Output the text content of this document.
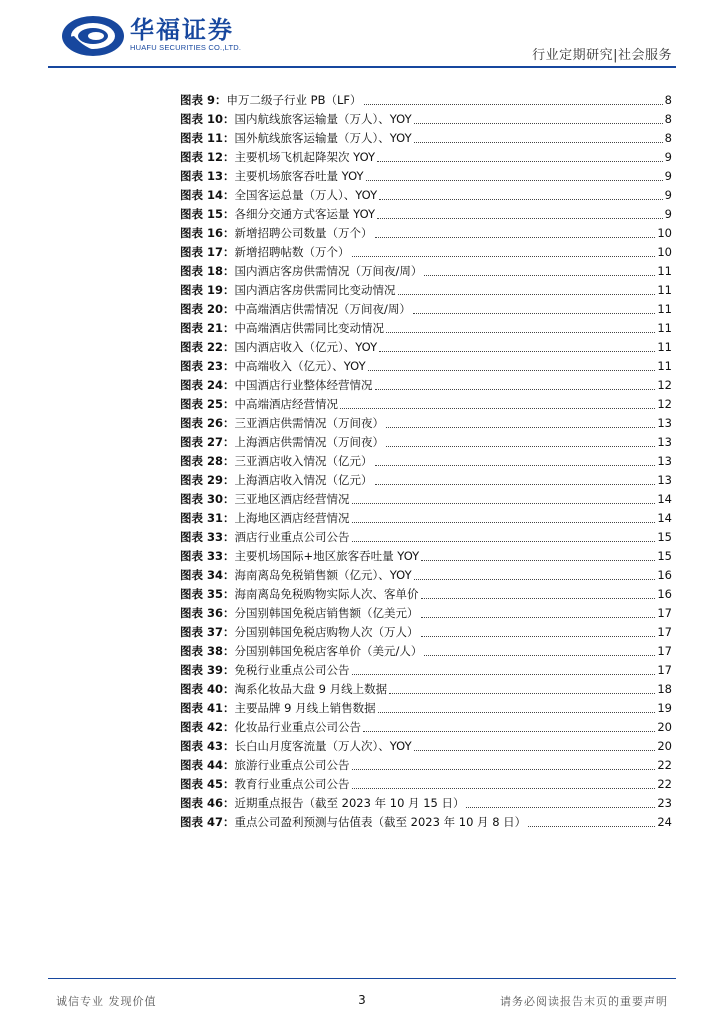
华福证券
HUAFU SECURITIES CO.,LTD.
行业定期研究|社会服务
图表 9： 申万二级子行业 PB（LF）	8
图表 10： 国内航线旅客运输量（万人）、YOY	8
图表 11： 国外航线旅客运输量（万人）、YOY	8
图表 12： 主要机场飞机起降架次 YOY	9
图表 13： 主要机场旅客吞吐量 YOY	9
图表 14： 全国客运总量（万人）、YOY	9
图表 15： 各细分交通方式客运量 YOY	9
图表 16： 新增招聘公司数量（万个）	10
图表 17： 新增招聘帖数（万个）	10
图表 18： 国内酒店客房供需情况（万间夜/周）	11
图表 19： 国内酒店客房供需同比变动情况	11
图表 20： 中高端酒店供需情况（万间夜/周）	11
图表 21： 中高端酒店供需同比变动情况	11
图表 22： 国内酒店收入（亿元）、YOY	11
图表 23： 中高端收入（亿元）、YOY	11
图表 24： 中国酒店行业整体经营情况	12
图表 25： 中高端酒店经营情况	12
图表 26： 三亚酒店供需情况（万间夜）	13
图表 27： 上海酒店供需情况（万间夜）	13
图表 28： 三亚酒店收入情况（亿元）	13
图表 29： 上海酒店收入情况（亿元）	13
图表 30： 三亚地区酒店经营情况	14
图表 31： 上海地区酒店经营情况	14
图表 33： 酒店行业重点公司公告	15
图表 33： 主要机场国际+地区旅客吞吐量 YOY	15
图表 34： 海南离岛免税销售额（亿元）、YOY	16
图表 35： 海南离岛免税购物实际人次、客单价	16
图表 36： 分国别韩国免税店销售额（亿美元）	17
图表 37： 分国别韩国免税店购物人次（万人）	17
图表 38： 分国别韩国免税店客单价（美元/人）	17
图表 39： 免税行业重点公司公告	17
图表 40： 淘系化妆品大盘 9 月线上数据	18
图表 41： 主要品牌 9 月线上销售数据	19
图表 42： 化妆品行业重点公司公告	20
图表 43： 长白山月度客流量（万人次）、YOY	20
图表 44： 旅游行业重点公司公告	22
图表 45： 教育行业重点公司公告	22
图表 46： 近期重点报告（截至 2023 年 10 月 15 日）	23
图表 47： 重点公司盈利预测与估值表（截至 2023 年 10 月 8 日）	24
诚信专业 发现价值	3	请务必阅读报告末页的重要声明
